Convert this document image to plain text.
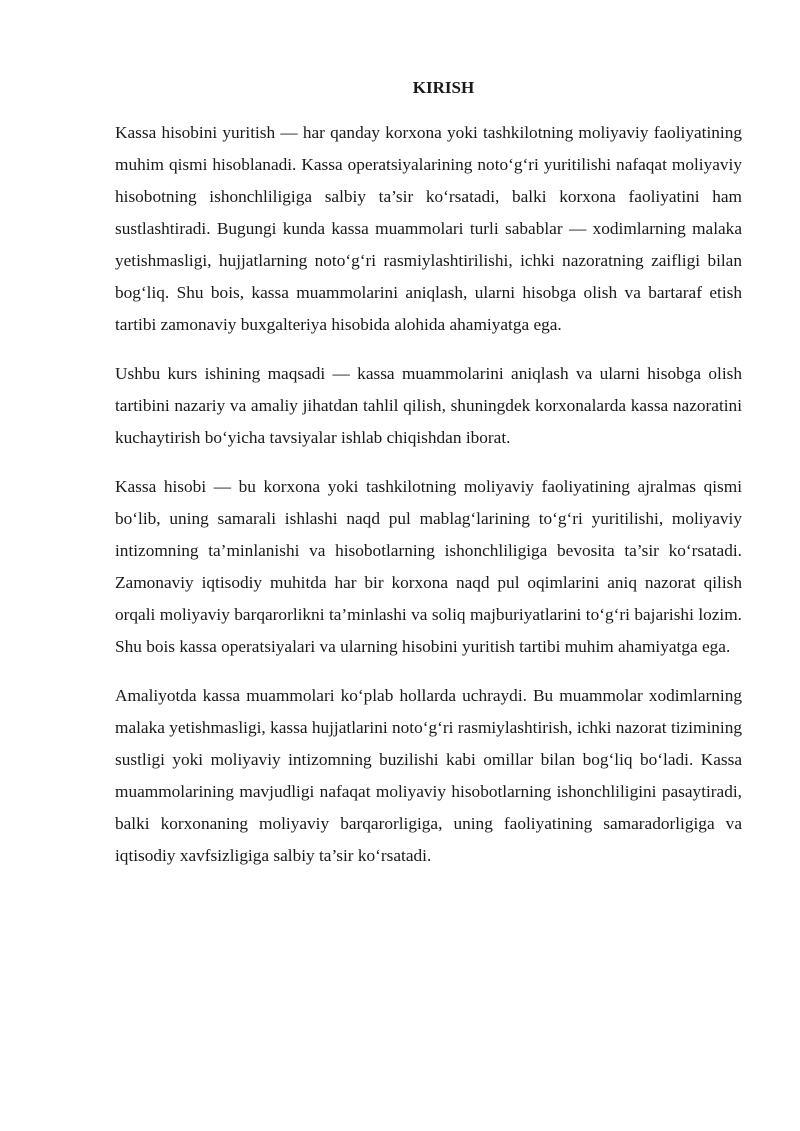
KIRISH

Kassa hisobini yuritish — har qanday korxona yoki tashkilotning moliyaviy faoliyatining muhim qismi hisoblanadi. Kassa operatsiyalarining noto‘g‘ri yuritilishi nafaqat moliyaviy hisobotning ishonchliligiga salbiy ta’sir ko‘rsatadi, balki korxona faoliyatini ham sustlashtiradi. Bugungi kunda kassa muammolari turli sabablar — xodimlarning malaka yetishmasligi, hujjatlarning noto‘g‘ri rasmiylashtirilishi, ichki nazoratning zaifligi bilan bog‘liq. Shu bois, kassa muammolarini aniqlash, ularni hisobga olish va bartaraf etish tartibi zamonaviy buxgalteriya hisobida alohida ahamiyatga ega.

Ushbu kurs ishining maqsadi — kassa muammolarini aniqlash va ularni hisobga olish tartibini nazariy va amaliy jihatdan tahlil qilish, shuningdek korxonalarda kassa nazoratini kuchaytirish bo‘yicha tavsiyalar ishlab chiqishdan iborat.

Kassa hisobi — bu korxona yoki tashkilotning moliyaviy faoliyatining ajralmas qismi bo‘lib, uning samarali ishlashi naqd pul mablag‘larining to‘g‘ri yuritilishi, moliyaviy intizomning ta’minlanishi va hisobotlarning ishonchliligiga bevosita ta’sir ko‘rsatadi. Zamonaviy iqtisodiy muhitda har bir korxona naqd pul oqimlarini aniq nazorat qilish orqali moliyaviy barqarorlikni ta’minlashi va soliq majburiyatlarini to‘g‘ri bajarishi lozim. Shu bois kassa operatsiyalari va ularning hisobini yuritish tartibi muhim ahamiyatga ega.

Amaliyotda kassa muammolari ko‘plab hollarda uchraydi. Bu muammolar xodimlarning malaka yetishmasligi, kassa hujjatlarini noto‘g‘ri rasmiylashtirish, ichki nazorat tizimining sustligi yoki moliyaviy intizomning buzilishi kabi omillar bilan bog‘liq bo‘ladi. Kassa muammolarining mavjudligi nafaqat moliyaviy hisobotlarning ishonchliligini pasaytiradi, balki korxonaning moliyaviy barqarorligiga, uning faoliyatining samaradorligiga va iqtisodiy xavfsizligiga salbiy ta’sir ko‘rsatadi.
